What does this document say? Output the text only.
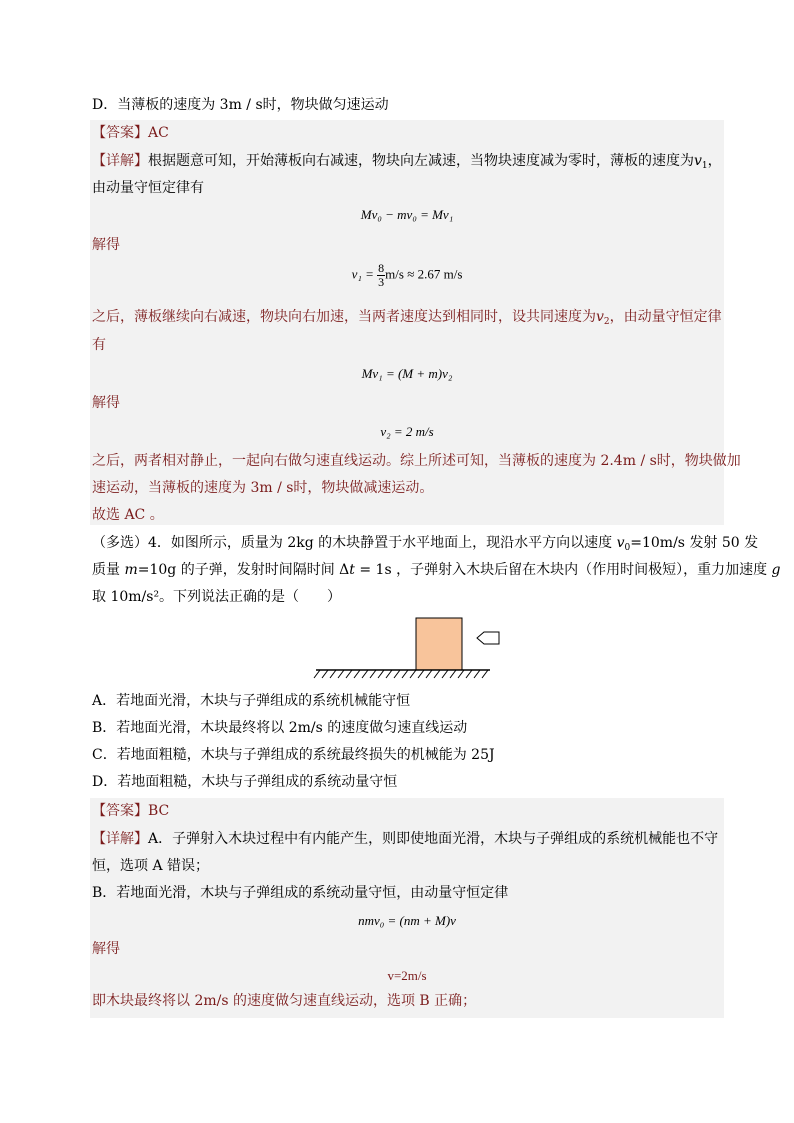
D．当薄板的速度为 3m / s时，物块做匀速运动
【答案】AC
【详解】根据题意可知，开始薄板向右减速，物块向左减速，当物块速度减为零时，薄板的速度为$v_1$，
由动量守恒定律有
Mv₀ − mv₀ = Mv₁
解得
$v_1 = \frac{8}{3} m/s \approx 2.67$ m/s
之后，薄板继续向右减速，物块向右加速，当两者速度达到相同时，设共同速度为$v_2$，由动量守恒定律
有
Mv₁ = (M + m)v₂
解得
v₂ = 2 m/s
之后，两者相对静止，一起向右做匀速直线运动。综上所述可知，当薄板的速度为 2.4m / s时，物块做加
速运动，当薄板的速度为 3m / s时，物块做减速运动。
故选 AC 。
（多选）4．如图所示，质量为 2kg 的木块静置于水平地面上，现沿水平方向以速度 $v_0=10m/s$ 发射 50 发
质量 m=10g 的子弹，发射时间隔时间 Δt = 1s ，子弹射入木块后留在木块内（作用时间极短），重力加速度 g
取 10m/s²。下列说法正确的是（　　）
A．若地面光滑，木块与子弹组成的系统机械能守恒
B．若地面光滑，木块最终将以 2m/s 的速度做匀速直线运动
C．若地面粗糙，木块与子弹组成的系统最终损失的机械能为 25J
D．若地面粗糙，木块与子弹组成的系统动量守恒
【答案】BC
【详解】A．子弹射入木块过程中有内能产生，则即使地面光滑，木块与子弹组成的系统机械能也不守
恒，选项 A 错误；
B．若地面光滑，木块与子弹组成的系统动量守恒，由动量守恒定律
nmv₀ = (nm + M)v
解得
v=2m/s
即木块最终将以 2m/s 的速度做匀速直线运动，选项 B 正确；
